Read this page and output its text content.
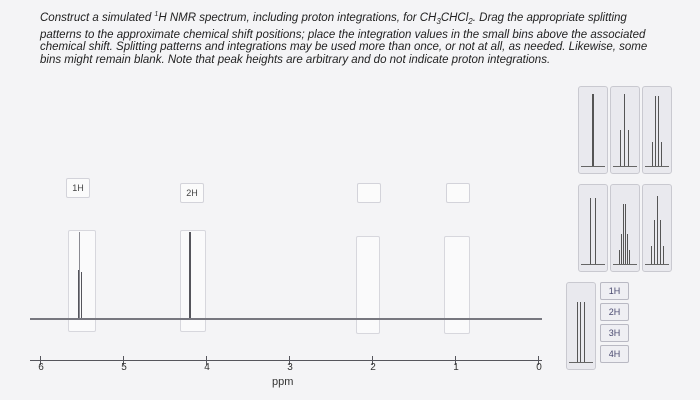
Construct a simulated $^1$H NMR spectrum, including proton integrations, for $CH_3CHCl_2$. Drag the appropriate splitting patterns to the approximate chemical shift positions; place the integration values in the small bins above the associated chemical shift. Splitting patterns and integrations may be used more than once, or not at all, as needed. Likewise, some bins might remain blank. Note that peak heights are arbitrary and do not indicate proton integrations.
1H	2H
6	5	4	3	2	1	0
ppm
1H
2H
3H
4H
